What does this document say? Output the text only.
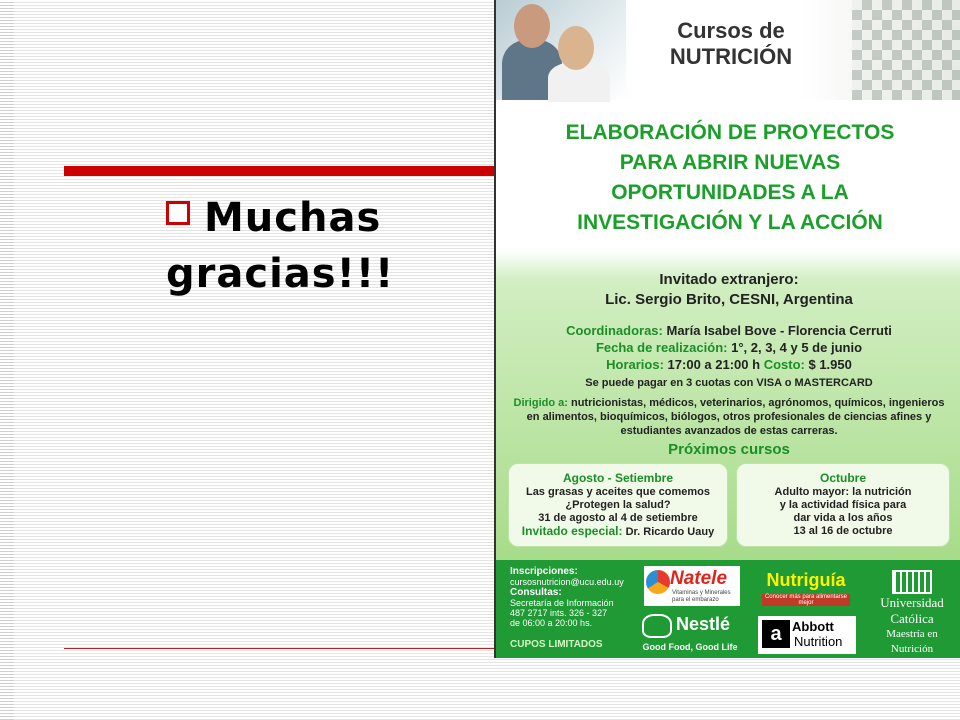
Muchas
gracias!!!
Cursos de
NUTRICIÓN
ELABORACIÓN DE PROYECTOS
PARA ABRIR NUEVAS
OPORTUNIDADES A LA
INVESTIGACIÓN Y LA ACCIÓN
Invitado extranjero:
Lic. Sergio Brito, CESNI, Argentina
Coordinadoras: María Isabel Bove - Florencia Cerruti
Fecha de realización: 1°, 2, 3, 4 y 5 de junio
Horarios: 17:00 a 21:00 h Costo: $ 1.950
Se puede pagar en 3 cuotas con VISA o MASTERCARD
Dirigido a: nutricionistas, médicos, veterinarios, agrónomos, químicos, ingenieros en alimentos, bioquímicos, biólogos, otros profesionales de ciencias afines y estudiantes avanzados de estas carreras.
Próximos cursos
Agosto - Setiembre
Las grasas y aceites que comemos
¿Protegen la salud?
31 de agosto al 4 de setiembre
Invitado especial: Dr. Ricardo Uauy
Octubre
Adulto mayor: la nutrición
y la actividad física para
dar vida a los años
13 al 16 de octubre
Inscripciones:
cursosnutricion@ucu.edu.uy
Consultas:
Secretaría de Información
487 2717 ints. 326 - 327
de 06:00 a 20:00 hs.
CUPOS LIMITADOS
Natele
Vitaminas y Minerales para el embarazo
Nutriguía
Conocer más para alimentarse mejor
Nestlé
Good Food, Good Life
a Abbott
Nutrition
Universidad
Católica
Maestría en
Nutrición
